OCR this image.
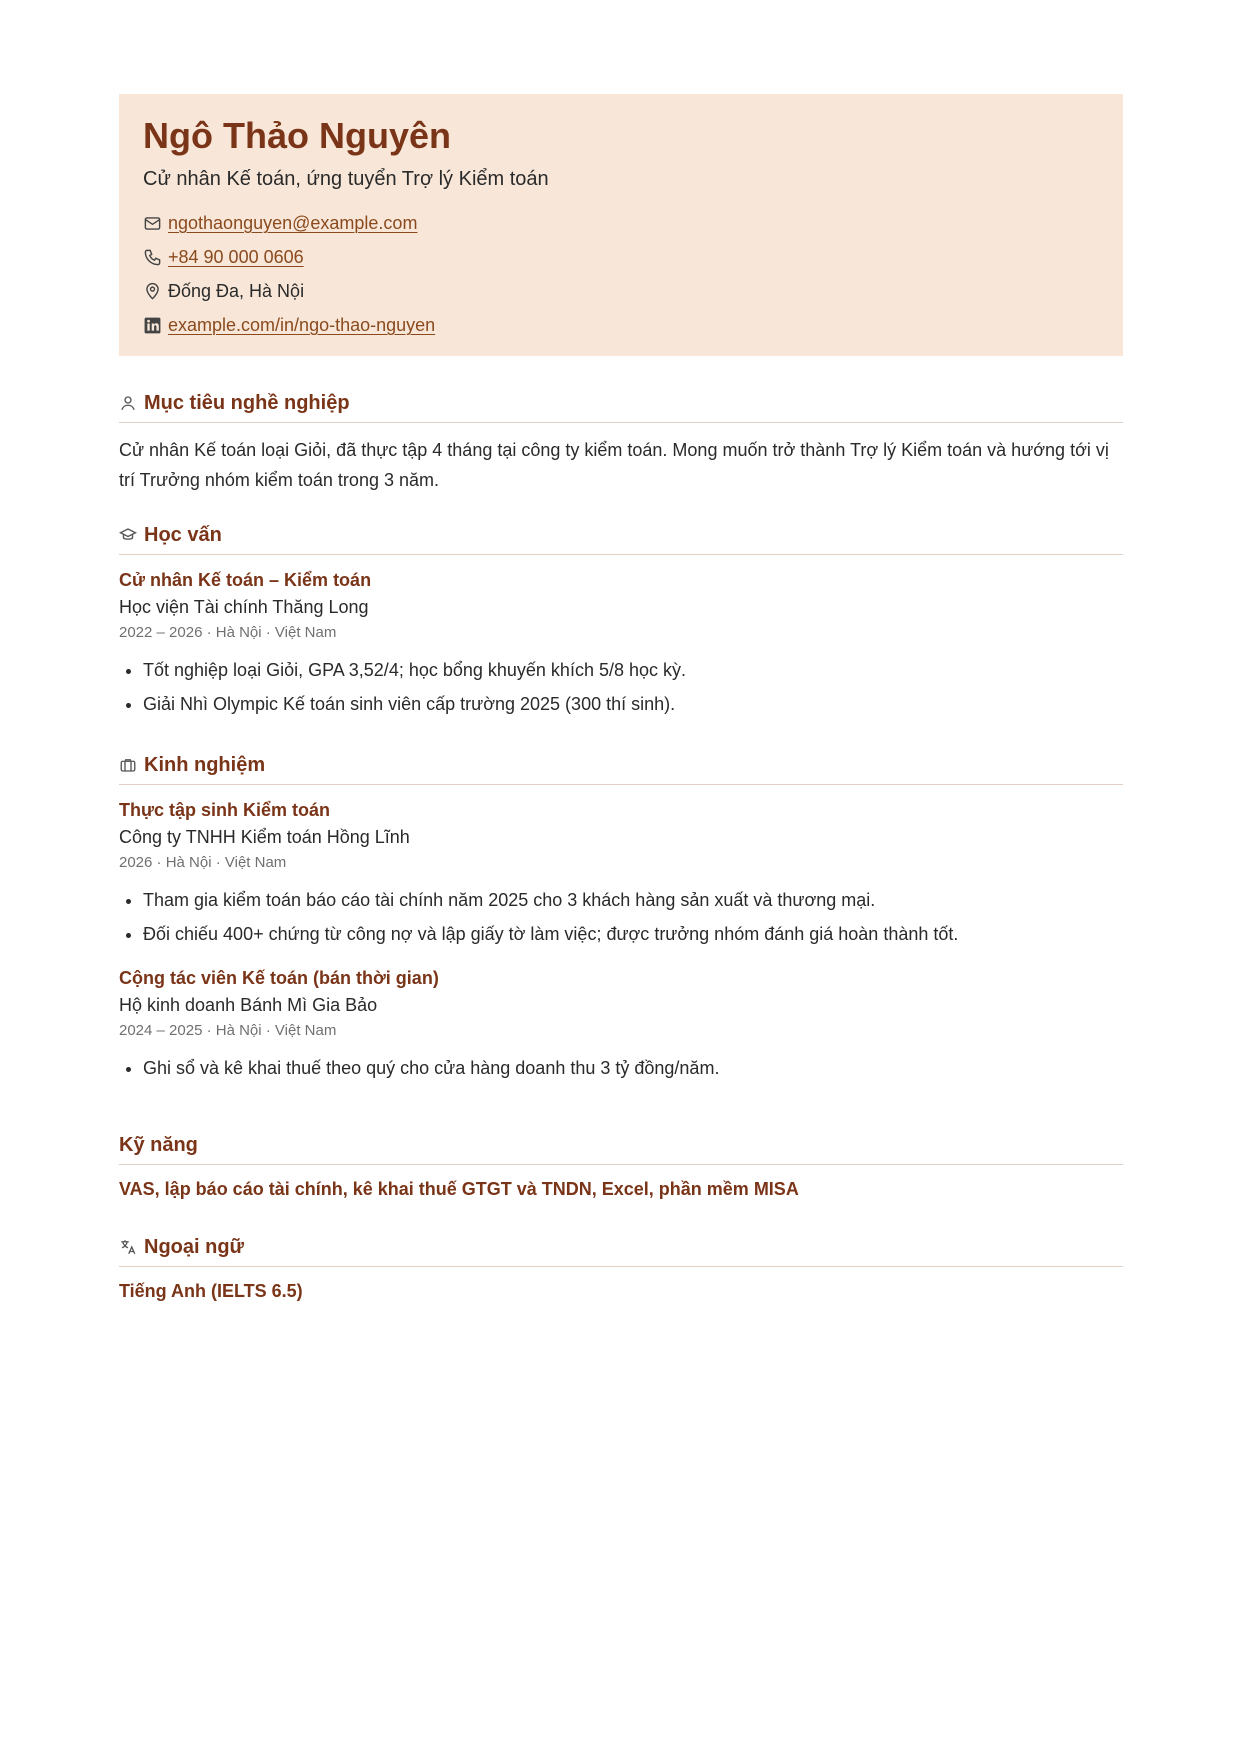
Ngô Thảo Nguyên
Cử nhân Kế toán, ứng tuyển Trợ lý Kiểm toán
ngothaonguyen@example.com
+84 90 000 0606
Đống Đa, Hà Nội
example.com/in/ngo-thao-nguyen
Mục tiêu nghề nghiệp
Cử nhân Kế toán loại Giỏi, đã thực tập 4 tháng tại công ty kiểm toán. Mong muốn trở thành Trợ lý Kiểm toán và hướng tới vị trí Trưởng nhóm kiểm toán trong 3 năm.
Học vấn
Cử nhân Kế toán – Kiểm toán
Học viện Tài chính Thăng Long
2022 – 2026 · Hà Nội · Việt Nam
• Tốt nghiệp loại Giỏi, GPA 3,52/4; học bổng khuyến khích 5/8 học kỳ.
• Giải Nhì Olympic Kế toán sinh viên cấp trường 2025 (300 thí sinh).
Kinh nghiệm
Thực tập sinh Kiểm toán
Công ty TNHH Kiểm toán Hồng Lĩnh
2026 · Hà Nội · Việt Nam
• Tham gia kiểm toán báo cáo tài chính năm 2025 cho 3 khách hàng sản xuất và thương mại.
• Đối chiếu 400+ chứng từ công nợ và lập giấy tờ làm việc; được trưởng nhóm đánh giá hoàn thành tốt.
Cộng tác viên Kế toán (bán thời gian)
Hộ kinh doanh Bánh Mì Gia Bảo
2024 – 2025 · Hà Nội · Việt Nam
• Ghi sổ và kê khai thuế theo quý cho cửa hàng doanh thu 3 tỷ đồng/năm.
Kỹ năng
VAS, lập báo cáo tài chính, kê khai thuế GTGT và TNDN, Excel, phần mềm MISA
Ngoại ngữ
Tiếng Anh (IELTS 6.5)
